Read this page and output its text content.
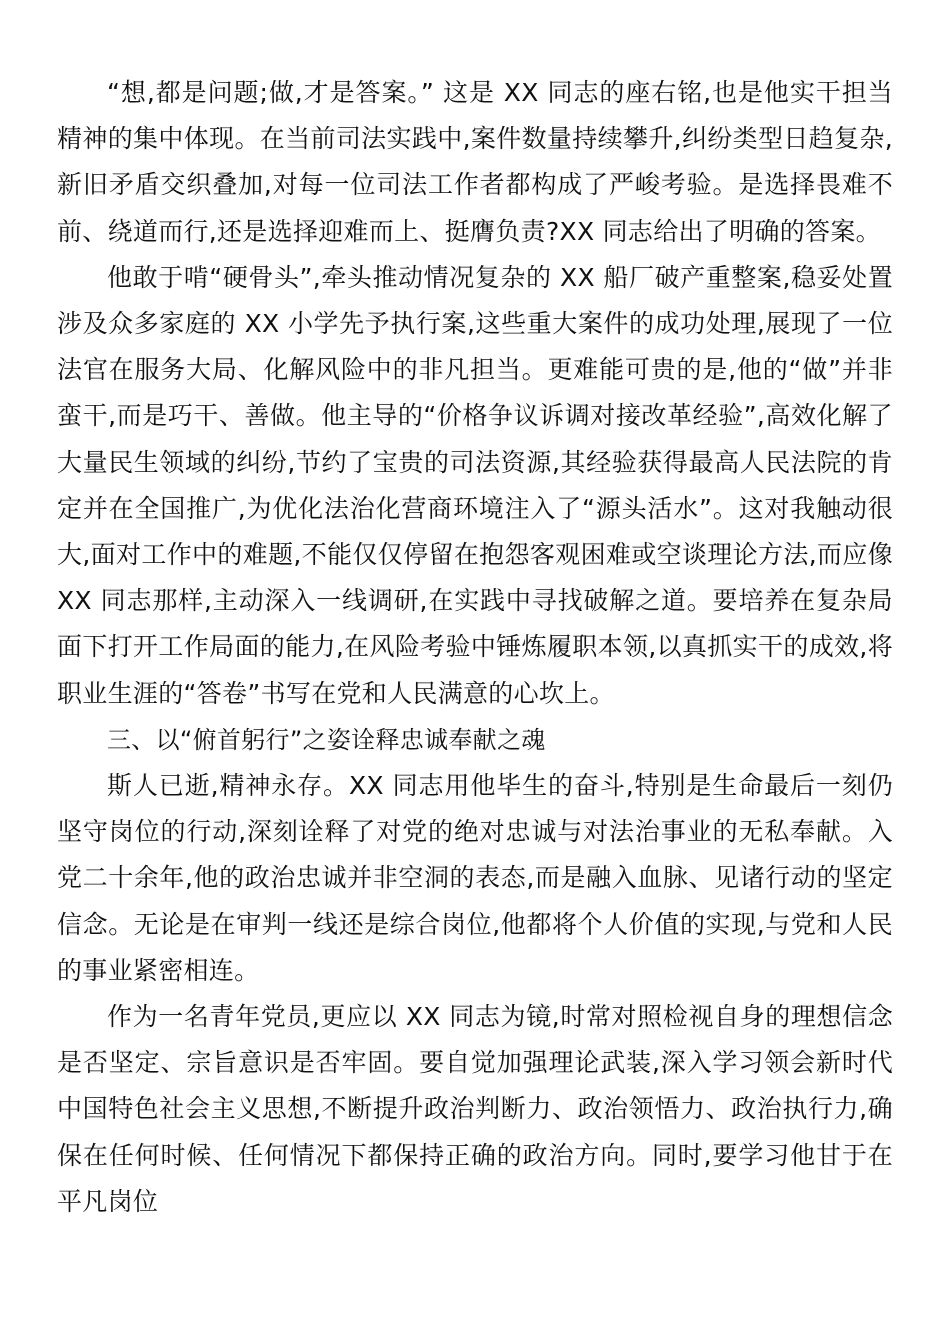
“想,都是问题;做,才是答案。” 这是 XX 同志的座右铭,也是他实干担当精神的集中体现。在当前司法实践中,案件数量持续攀升,纠纷类型日趋复杂,新旧矛盾交织叠加,对每一位司法工作者都构成了严峻考验。是选择畏难不前、绕道而行,还是选择迎难而上、挺膺负责?XX 同志给出了明确的答案。

他敢于啃“硬骨头”,牵头推动情况复杂的 XX 船厂破产重整案,稳妥处置涉及众多家庭的 XX 小学先予执行案,这些重大案件的成功处理,展现了一位法官在服务大局、化解风险中的非凡担当。更难能可贵的是,他的“做”并非蛮干,而是巧干、善做。他主导的“价格争议诉调对接改革经验”,高效化解了大量民生领域的纠纷,节约了宝贵的司法资源,其经验获得最高人民法院的肯定并在全国推广,为优化法治化营商环境注入了“源头活水”。这对我触动很大,面对工作中的难题,不能仅仅停留在抱怨客观困难或空谈理论方法,而应像 XX 同志那样,主动深入一线调研,在实践中寻找破解之道。要培养在复杂局面下打开工作局面的能力,在风险考验中锤炼履职本领,以真抓实干的成效,将职业生涯的“答卷”书写在党和人民满意的心坎上。

三、以“俯首躬行”之姿诠释忠诚奉献之魂

斯人已逝,精神永存。XX 同志用他毕生的奋斗,特别是生命最后一刻仍坚守岗位的行动,深刻诠释了对党的绝对忠诚与对法治事业的无私奉献。入党二十余年,他的政治忠诚并非空洞的表态,而是融入血脉、见诸行动的坚定信念。无论是在审判一线还是综合岗位,他都将个人价值的实现,与党和人民的事业紧密相连。

作为一名青年党员,更应以 XX 同志为镜,时常对照检视自身的理想信念是否坚定、宗旨意识是否牢固。要自觉加强理论武装,深入学习领会新时代中国特色社会主义思想,不断提升政治判断力、政治领悟力、政治执行力,确保在任何时候、任何情况下都保持正确的政治方向。同时,要学习他甘于在平凡岗位
